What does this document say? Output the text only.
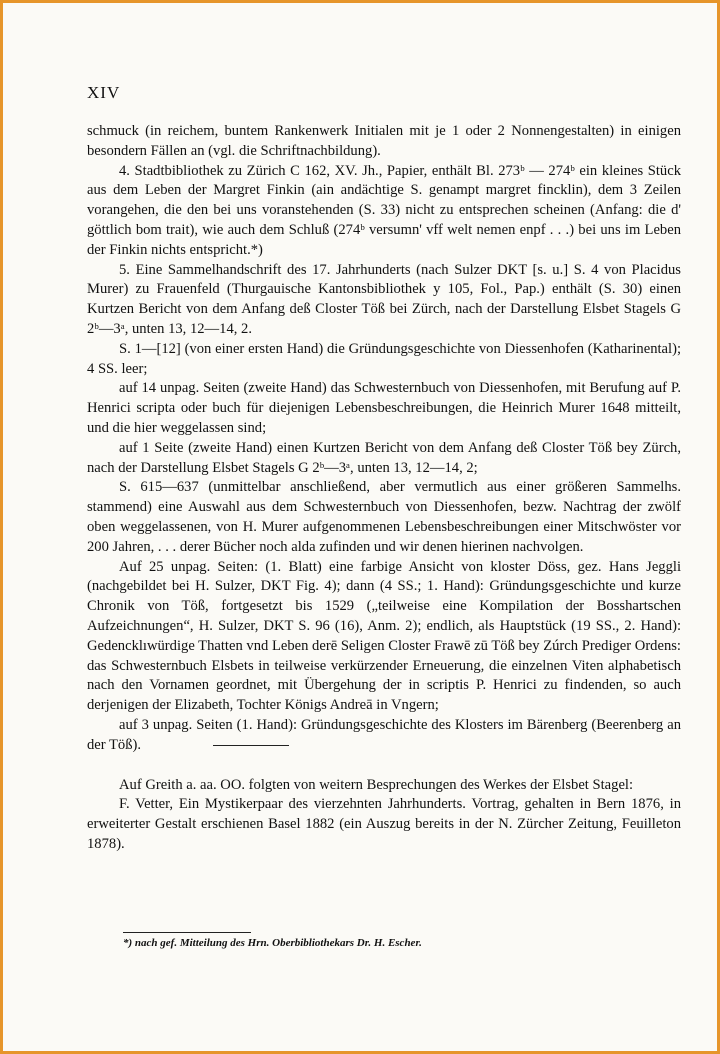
XIV

schmuck (in reichem, buntem Rankenwerk Initialen mit je 1 oder 2 Nonnengestalten) in einigen besondern Fällen an (vgl. die Schriftnachbildung).

4. Stadtbibliothek zu Zürich C 162, XV. Jh., Papier, enthält Bl. 273ᵇ — 274ᵇ ein kleines Stück aus dem Leben der Margret Finkin (ain andächtige S. genampt margret fincklin), dem 3 Zeilen vorangehen, die den bei uns voranstehenden (S. 33) nicht zu entsprechen scheinen (Anfang: die d' göttlich bom trait), wie auch dem Schluß (274ᵇ versumn' vff welt nemen enpf . . .) bei uns im Leben der Finkin nichts entspricht.*)

5. Eine Sammelhandschrift des 17. Jahrhunderts (nach Sulzer DKT [s. u.] S. 4 von Placidus Murer) zu Frauenfeld (Thurgauische Kantonsbibliothek y 105, Fol., Pap.) enthält (S. 30) einen Kurtzen Bericht von dem Anfang deß Closter Töß bei Zürch, nach der Darstellung Elsbet Stagels G 2ᵇ—3ᵃ, unten 13, 12—14, 2.

S. 1—[12] (von einer ersten Hand) die Gründungsgeschichte von Diessenhofen (Katharinental); 4 SS. leer;

auf 14 unpag. Seiten (zweite Hand) das Schwesternbuch von Diessenhofen, mit Berufung auf P. Henrici scripta oder buch für diejenigen Lebensbeschreibungen, die Heinrich Murer 1648 mitteilt, und die hier weggelassen sind;

auf 1 Seite (zweite Hand) einen Kurtzen Bericht von dem Anfang deß Closter Töß bey Zürch, nach der Darstellung Elsbet Stagels G 2ᵇ—3ᵃ, unten 13, 12—14, 2;

S. 615—637 (unmittelbar anschließend, aber vermutlich aus einer größeren Sammelhs. stammend) eine Auswahl aus dem Schwesternbuch von Diessenhofen, bezw. Nachtrag der zwölf oben weggelassenen, von H. Murer aufgenommenen Lebensbeschreibungen einer Mitschwöster vor 200 Jahren, . . . derer Bücher noch alda zufinden und wir denen hierinen nachvolgen.

Auf 25 unpag. Seiten: (1. Blatt) eine farbige Ansicht von kloster Döss, gez. Hans Jeggli (nachgebildet bei H. Sulzer, DKT Fig. 4); dann (4 SS.; 1. Hand): Gründungsgeschichte und kurze Chronik von Töß, fortgesetzt bis 1529 („teilweise eine Kompilation der Bosshartschen Aufzeichnungen“, H. Sulzer, DKT S. 96 (16), Anm. 2); endlich, als Hauptstück (19 SS., 2. Hand): Gedencklıwürdige Thatten vnd Leben derē Seligen Closter Frawē zū Töß bey Zúrch Prediger Ordens: das Schwesternbuch Elsbets in teilweise verkürzender Erneuerung, die einzelnen Viten alphabetisch nach den Vornamen geordnet, mit Übergehung der in scriptis P. Henrici zu findenden, so auch derjenigen der Elizabeth, Tochter Königs Andreā in Vngern;

auf 3 unpag. Seiten (1. Hand): Gründungsgeschichte des Klosters im Bärenberg (Beerenberg an der Töß).

Auf Greith a. aa. OO. folgten von weitern Besprechungen des Werkes der Elsbet Stagel:

F. Vetter, Ein Mystikerpaar des vierzehnten Jahrhunderts. Vortrag, gehalten in Bern 1876, in erweiterter Gestalt erschienen Basel 1882 (ein Auszug bereits in der N. Zürcher Zeitung, Feuilleton 1878).

*) nach gef. Mitteilung des Hrn. Oberbibliothekars Dr. H. Escher.
